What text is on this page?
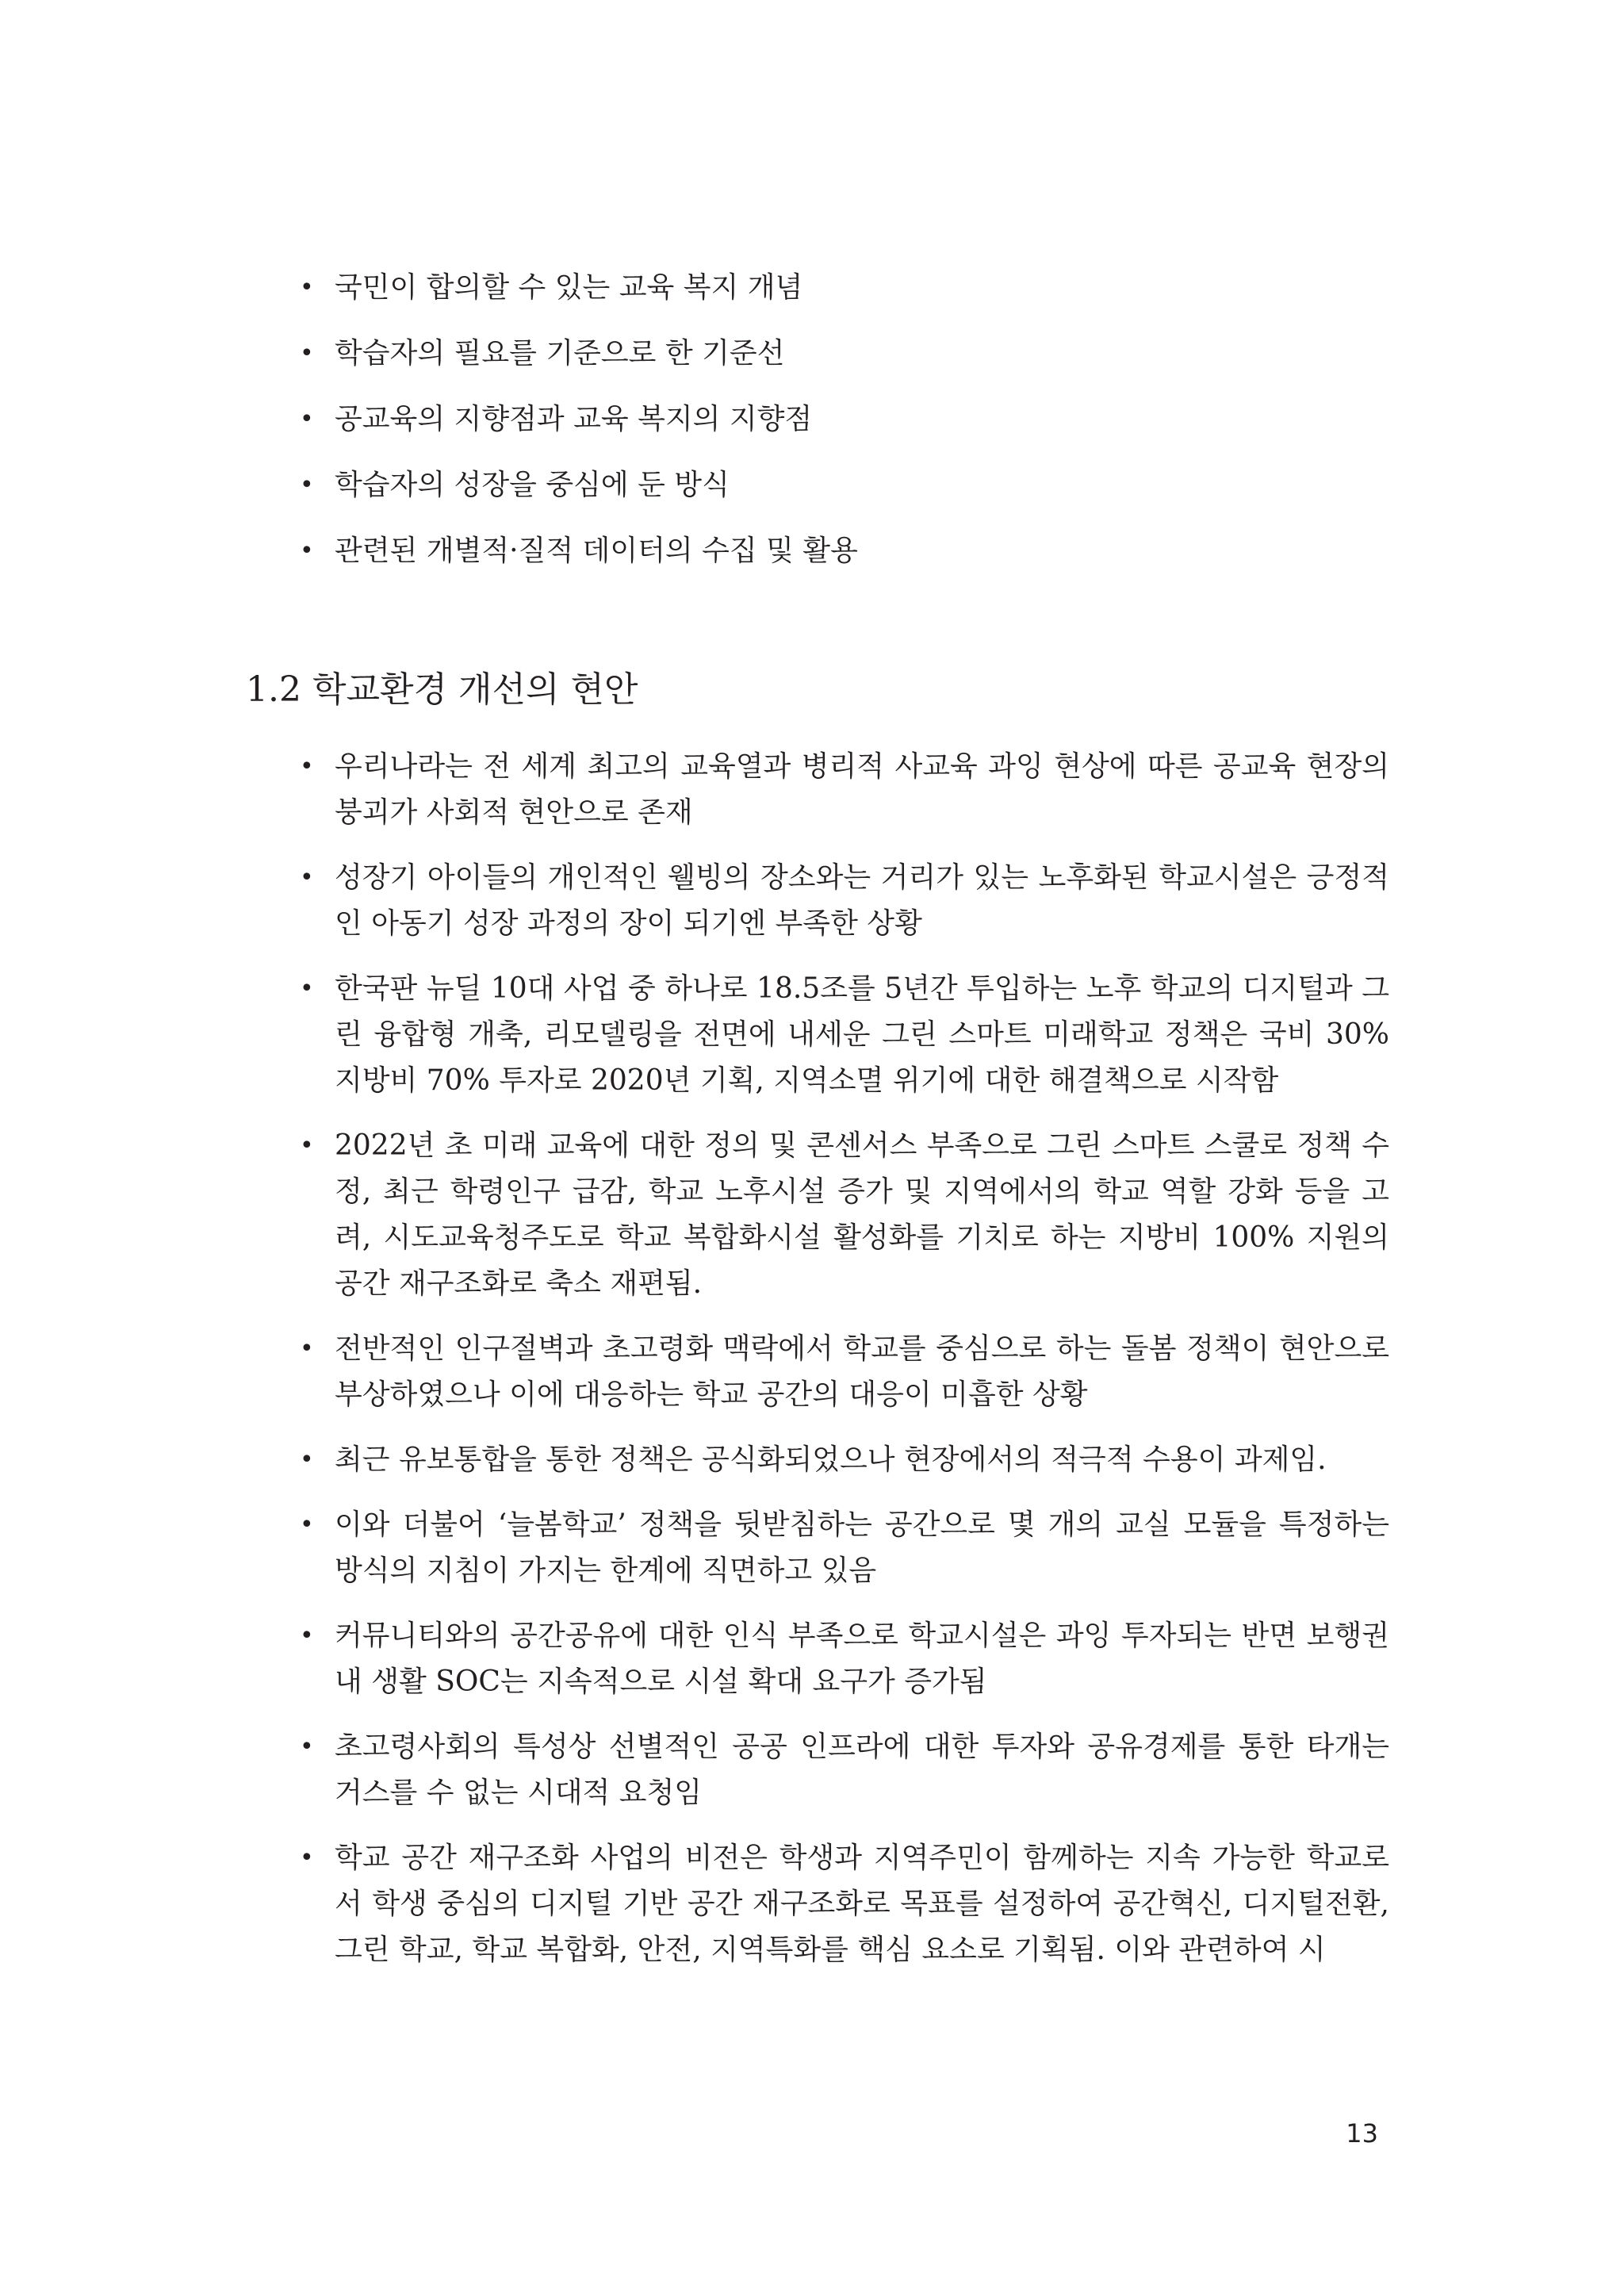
• 국민이 합의할 수 있는 교육 복지 개념
• 학습자의 필요를 기준으로 한 기준선
• 공교육의 지향점과 교육 복지의 지향점
• 학습자의 성장을 중심에 둔 방식
• 관련된 개별적·질적 데이터의 수집 및 활용
1.2 학교환경 개선의 현안
• 우리나라는 전 세계 최고의 교육열과 병리적 사교육 과잉 현상에 따른 공교육 현장의 붕괴가 사회적 현안으로 존재
• 성장기 아이들의 개인적인 웰빙의 장소와는 거리가 있는 노후화된 학교시설은 긍정적인 아동기 성장 과정의 장이 되기엔 부족한 상황
• 한국판 뉴딜 10대 사업 중 하나로 18.5조를 5년간 투입하는 노후 학교의 디지털과 그린 융합형 개축, 리모델링을 전면에 내세운 그린 스마트 미래학교 정책은 국비 30% 지방비 70% 투자로 2020년 기획, 지역소멸 위기에 대한 해결책으로 시작함
• 2022년 초 미래 교육에 대한 정의 및 콘센서스 부족으로 그린 스마트 스쿨로 정책 수정, 최근 학령인구 급감, 학교 노후시설 증가 및 지역에서의 학교 역할 강화 등을 고려, 시도교육청주도로 학교 복합화시설 활성화를 기치로 하는 지방비 100% 지원의 공간 재구조화로 축소 재편됨.
• 전반적인 인구절벽과 초고령화 맥락에서 학교를 중심으로 하는 돌봄 정책이 현안으로 부상하였으나 이에 대응하는 학교 공간의 대응이 미흡한 상황
• 최근 유보통합을 통한 정책은 공식화되었으나 현장에서의 적극적 수용이 과제임.
• 이와 더불어 ‘늘봄학교’ 정책을 뒷받침하는 공간으로 몇 개의 교실 모듈을 특정하는 방식의 지침이 가지는 한계에 직면하고 있음
• 커뮤니티와의 공간공유에 대한 인식 부족으로 학교시설은 과잉 투자되는 반면 보행권 내 생활 SOC는 지속적으로 시설 확대 요구가 증가됨
• 초고령사회의 특성상 선별적인 공공 인프라에 대한 투자와 공유경제를 통한 타개는 거스를 수 없는 시대적 요청임
• 학교 공간 재구조화 사업의 비전은 학생과 지역주민이 함께하는 지속 가능한 학교로서 학생 중심의 디지털 기반 공간 재구조화로 목표를 설정하여 공간혁신, 디지털전환, 그린 학교, 학교 복합화, 안전, 지역특화를 핵심 요소로 기획됨. 이와 관련하여 시
13
